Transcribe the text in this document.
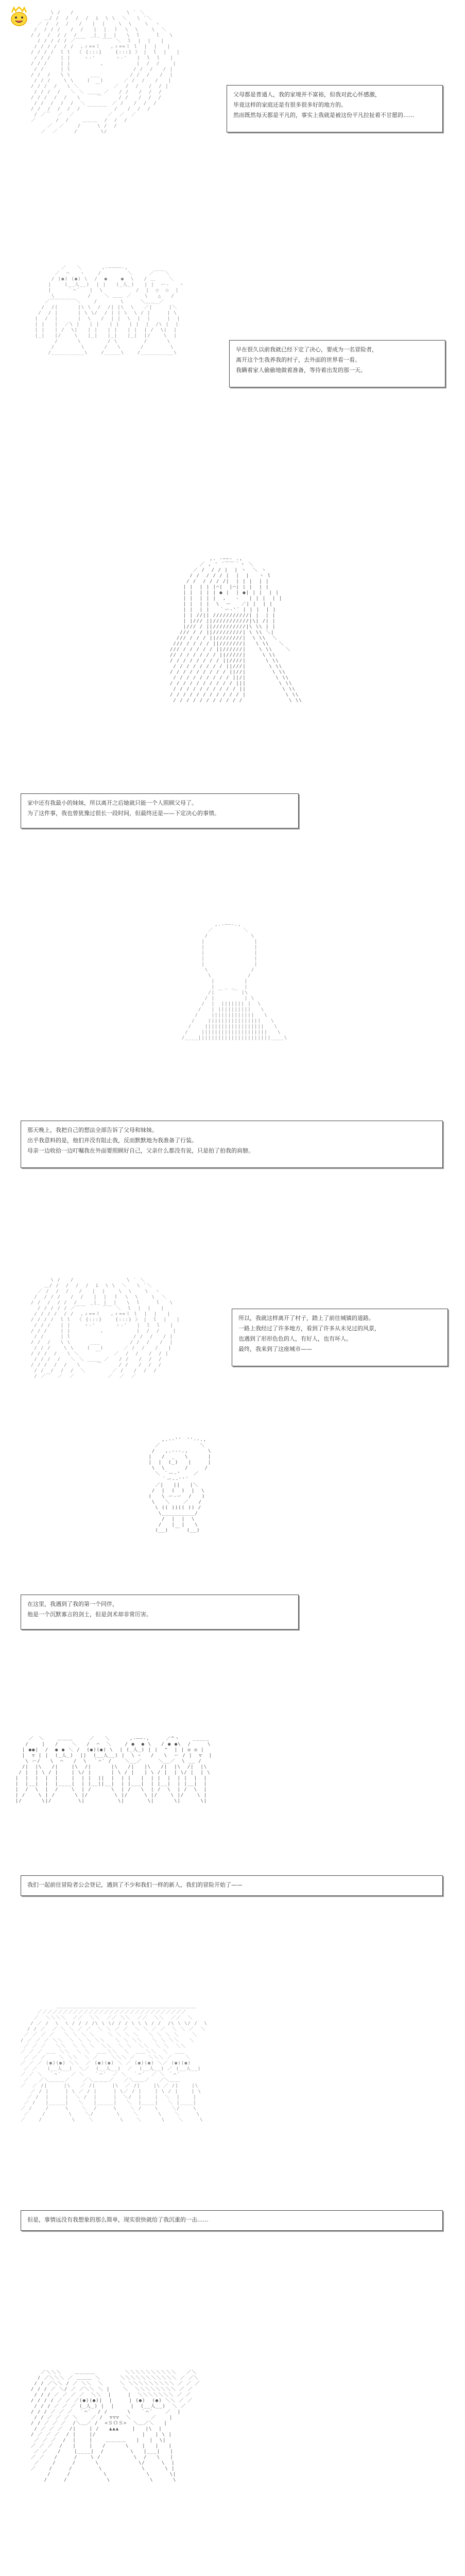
\ /   /                \ ` ＼
＿/ /  /  /  /  i  \ \  ＼   \ `＼
／ /  /  /   /   |  |    \  \    \  ヽ
/  / / /   /  /   |  |  ｌ  \  \    \  ＼
/ /  /  / /  /    _|_ |  |   \  l     l   \
/ / / / / ／￣￣     ￣￣ ＼  l  |  |   |
/ / / /  / /  ,ィ==ミ   ,ィ==ミ l  |  |   |
/ / / /  l l  《 {:::}    {:::} 》 |  l  |   |
/ / /   | |    ゝ-'      ゝ-'   |  l  l   |
/ / /    | |         ,          |  /  /    |
/ /     | l                   / /  /   / |
/ /  /   \ \      ___         / /  /   /  |
/ / /    \ \    (   )      ／ /  /   /   |
/ / /  /   \ ＼     ￣    ／  /  /   /  / |
/ / /  /   ＼ ＼ ____ ／   / /   /  /  /
/ / /  /  /   \     ￣     / /   /  /  /
/ /  /  /  /  ＼        ／ /   /  /  /
/ /  /  /  /  /  ￣￣￣￣  /   /  /  /
/ ／￣  ／  ／          ／  ／  ／
／      /  /    ＿＿＿  /  /  /
／  ／    /     \ /  /
／  ／     /       \/

父母都是普通人，我的家境并不富裕，但我对此心怀感激，

毕竟这样的家庭还是有很多很多好的地方的。

然而既然每天都是平凡的，事实上我就是被这份平凡拉扯着不甘愿的……

／￣￣＼      ,-――――-,
／  ⌒   ヽ    /        ＼     ／￣￣＼
/ (●) (●) \  /  ●    ●  \   / ＿    ＼
|    (__人__)  | |   (_人_)   | |  ー‐   ヽ
|     ｀⌒´   |  \          /  |  ○  ○  |
\          /    ＼ ＿＿ ／    \   △   /
／￣￣￣￣￣＼    /       \     ＼＿＿_／
/  /|      |\ \  /  /| |\  \   ／|     |＼
/  / |      | \ \/  / | | \  \ / |     | \
|  /  |      |  \   /  | |  \  |  |     |  |
| |   |  ／\ |   | |   | |   | |  |  /\ |  |
| |   | /  \|   | |   | |   | |  | /  \|  |
|_|   |/    \   |_|   |_|   |_|  |/    \  |
/      \        / \        /      \
/        \      /   \      /        \
/__________\    /_____\    /__________\	早在很久以前我就已经下定了决心，要成为一名冒险者，

离开这个生我养我的村子，去外面的世界看一看。

我瞒着家人偷偷地做着准备，等待着出发的那一天。

,. -――- .,
／ , ' ´￣￣｀ヽ ＼
／ /  / / |  | ヽ  ＼ ヽ
/ /  / / / |  |  |   ヽ l
/ /  / / / /|  | | |  | |
| |  | | |⌒|  |⌒| | |  | |
| |  | | | ● |  | ●| | |  | |
| |  | | |  ,   -   | | |  | |
| |  | |  \  ー   ／| |  | |
| |  | |   ｀ー‐'´ | | |  | |
| | //|| ///////////| |  | |
| |/// ||///////////|\| /| |
|/// / ||//////////|\ \\ | |
/// / / ||/////////| \ \\ ＼|
/// / / / ||////////|  \ \\  ＼
/// / / / / ||///////|   \ \\   ＼
/// / / / / / ||//////|    \ \\    ＼
// / / / / / / ||/////|     \ \\
/ / / / / / / / ||////|      \ \\
/ / / / / / / / ||///|       \ \\
/ / / / / / / / / ||//|        \ \\
/ / / / / / / / / ||/|         \ \\
/ / / / / / / / / / |||          \ \\
/ / / / / / / / / / ||           \ \\
/ / / / / / / / / / / |            \ \\
/ / / / / / / / / / /              \ \\

家中还有我最小的妹妹，所以离开之后她就只能一个人照顾父母了。

为了这件事，我也曾犹豫过很长一段时间，但最终还是——下定决心的事情。

,.-――-.,
／         ＼
/             \
|               |
|               |
|               |
|               |
|               |
\             /
\           /
|         |
|   _ _   |
/| ￣   ￣ |\
/ |         | \
/  |  ||||||| |  \
/   | ||||||||||   \
/    |||||||||||||   \
/    ||||||||||||||||   \
/    ||||||||||||||||||   \
/    ||||||||||||||||||||   \
/____||||||||||||||||||||||____\

那天晚上，我把自己的想法全部告诉了父母和妹妹。

出乎我意料的是，他们并没有阻止我，反而默默地为我准备了行装。

母亲一边收拾一边叮嘱我在外面要照顾好自己，父亲什么都没有说，只是拍了拍我的肩膀。

\ /   /                \ ` ＼
＿/ /  /  /  /  i  \ \  ＼   \ `＼
／ /  /  /   /   |  |    \  \    \  ヽ
/  / / /   /  /   |  |  ｌ  \  \    \  ＼
/ /  /  / /  /    _|_ |  |   \  l     l   \
/ / / / / ／￣￣     ￣￣ ＼  l  |  |   |
/ / / /  / /  ,ィ==ミ   ,ィ==ミ l  |  |   |
/ / / /  l l  《 {:::}    {:::} 》 |  l  |   |
/ / /   | |    ゝ-'      ゝ-'   |  l  l   |
/ / /    | |         ,          |  /  /    |
/ /     | l                   / /  /   / |
/ /  /   \ \      ___         / /  /   /  |
/ / /    \ \    (   )      ／ /  /   /   |
/ / /  /   \ ＼     ￣    ／  /  /   /  / |
/ / /  /   ＼ ＼ ____ ／   / /   /  /  /
/ / /  /  /   \     ￣     / /   /  /  /
/ /  /  /  /  ＼        ／ /   /  /  /
/ ／￣  ／  ／          ／  ／  ／

所以，我就这样离开了村子，踏上了前往城镇的道路。

一路上我经过了许多地方，看到了许多从未见过的风景，

也遇到了形形色色的人，有好人，也有坏人。

最终，我来到了这座城市——

,.-‐''￣''‐-.,
／            ＼
/   ,.-‐-.,      \
|   /  _   \      |
|  |  (_)   |     |
\  \      /     /
＼ ｀ー‐'    ／
｀ー-‐''´
／|   ||   |＼
/  |  (  )  |  \
(   \ ー‐ー  /   )
\   ＼    ／   /
\ (( ))(( )) /
\__________/
/  |  |  \
/   |  |   \
(__)  ￣  (__)

在这里，我遇到了我的第一个同伴，

他是一个沉默寡言的剑士，但是剑术却非常厉害。

／￣＼    ＿＿＿     ／￣￣＼      ,-――-,     ／^ヽ    _____
/    |   /    ＼   /  ⌒  ＼    / ●  ● \   / ● ●\  /     \
| ●●|  /  ● ● ＼ /  (●)(●) \  | (_人_) | |  ^  | | ◎ ◎ |
|  ▽ | |  (_人_)  ||  (__人__) |  \ ｰ   /   \  ー / |  ▽  |
\ ー/   \  ⌒   /  \  ｀⌒´ /    ＼__／     ＼__／  \ __ /
/|  |\   /|    |\  /|      |\   /|   |\   /|  |\  /|  |\
/ |  | \ / |    | \/ |      | \ / |   | \ / |  | \/ |  | \
|  |  |  |  |    |  | |  ||  |  | |   |  | |  |  | |  |  |
|  |__|  |  |____|  | |__||__|  | |___|  | |__|  | |__|  |
|  /  \  |  /    \  | /      \  | /   \  | /  \  | /  \  |
| /    \ | /      \ |/        \ |/     \ |/    \ |/    \ |
|/      \|/        \|          \|       \|      \|      \|

我们一起前往冒险者公会登记，遇到了不少和我们一样的新人，我们的冒险开始了——

＿＿＿＿＿＿＿＿＿＿＿＿＿＿＿＿＿＿＿＿＿＿＿＿＿＿＿
／／／／／／／／／／／／／／／／／／／／／／／／／／／／／
／  ＼＼＼＼  ／／  ＼＼  ／／ ＼＼  ／／  ＼＼  ／／  ＼
/ ／ /  \  \ / / / /\ \ \/ / / \ \ \ / /  /\ \ \/ /  \
/ / ／  ／ ＼ ＼ ／ ／  ＼ ＼ ／ ／  ＼ ＼ ／ ／  ＼ ＼ ／  ＼
／ ／ ／ ／   ＼ ＼ ＼ ＼    ＼ ＼ ＼ ＼   ＼ ＼ ＼ ＼    ＼
/ ／ ／ ／ ＼＼  ＼ ＼ ＼ ＼＼   ＼ ＼ ＼＼   ＼ ＼ ＼＼   ＼
／ ／ ／   ＼＼  ＼ ＼ ＼  ＼＼  ＼ ＼  ＼＼  ＼ ＼  ＼＼
／ ／ ／ ＿＿ ＼＼  ＼ ＼  ＿＿＼＼  ＼  ＿＿＼＼  ＼  ＿＿
／ ／ ／    ＼ ＼＼  ＼ ／    ＼＼＼ ／    ＼＼＼ ／    ＼
／ ／ ／ (●)(●) ＼＼  ／ (●)(●) ＼ ／ (●)(●) ＼／ (●)(●)
／ ／   (__人__)  ＼／  (__人__)  ／  (__人__) ／ (__人__)
／ ／ ＼  ｀⌒´   ／ ＼   ｀⌒´  ／ ＼  ｀⌒´  ／ ＼ ｀⌒´
／   ／＼＿＿＿／    ／＼＿＿＿／   ／＼＿＿／   ／＼＿＿
／  ／ /|     |\   ／ /|     |\  ／ /|    |\ ／ /|    |\
／ / |     | \ ／ / |     | \／ / |    | \ / |    | \
／ /  |     |  ＼ /  |     |  ＼/  |    |  ＼  |    |
／ /   |_____|   ＼   |_____|   ＼  |____|   ＼ |____|
／ /    /     \    ＼  /     \    ＼ /    \    ＼/    \
／    /       \    ＼/       \    ＼      \    ＼     \
／    /         \    ＼        \    ＼      \    ＼     \

但是，事情远没有我想象的那么简单，现实很快就给了我沉重的一击……

／＼＼＼    ＿＿＿＿         ＼＼＼＼＼＼＼＼＼＼   ／＼
/ ／＼＼＼ ／ ＿＿＿ ＼      ＼＼＼＼＼＼＼＼＼＼＼ ／ ／＼
/ / ／＼＼ / ／ ＼＼  ＼     ＼ ＼＼＼＼＼＼＼＼＼ ／ ／ ／
/ / / ／ ＼/ ／ ／＼＼ ＼ |    ＼  ＼＼＼＼＼＼＼＼ ／ ／
/ / / ／ ／ ／ ／  ＼＼  |     |  ＼＼＼＼＼＼＼ ／ ／
/ / / / ／ ／ ／(●)(●)|  |     | (●)  (●) ＼＼ ／ ／
/ / / ／ ／ ／ (_人_) |  |     |  (__人__)  ＼ ／
/ / / ／ ／ ／  ｀⌒´  / /      \   ｀⌒´    ／  |
/ / ／ ／ ／ ＼    ／ /  ▽▽▽  ＼      ／    |
/ / ／ ／ ／  /＼＿／ /  <ＳＯＳ>  ＼＿／＼   |
/ ／ ／ ／  /|    | /   ▲▲▲    |   |\  |
/ ／ ／ ／  / |    |/              |   | \ |
／ ／ ／  /  |    |    ＿＿＿＿   |   |  \|
／ ／ ／  /   |    |   /      \    |   |   |
／ ／   /    |____|  /        \   |___|   |
／ ／   /     /    \ /          \  /   \   |
／    /     /      \            \/     \  |
／    /     /        \            \      \ |
/     /          \            \      \|
/     /            \            \      \
